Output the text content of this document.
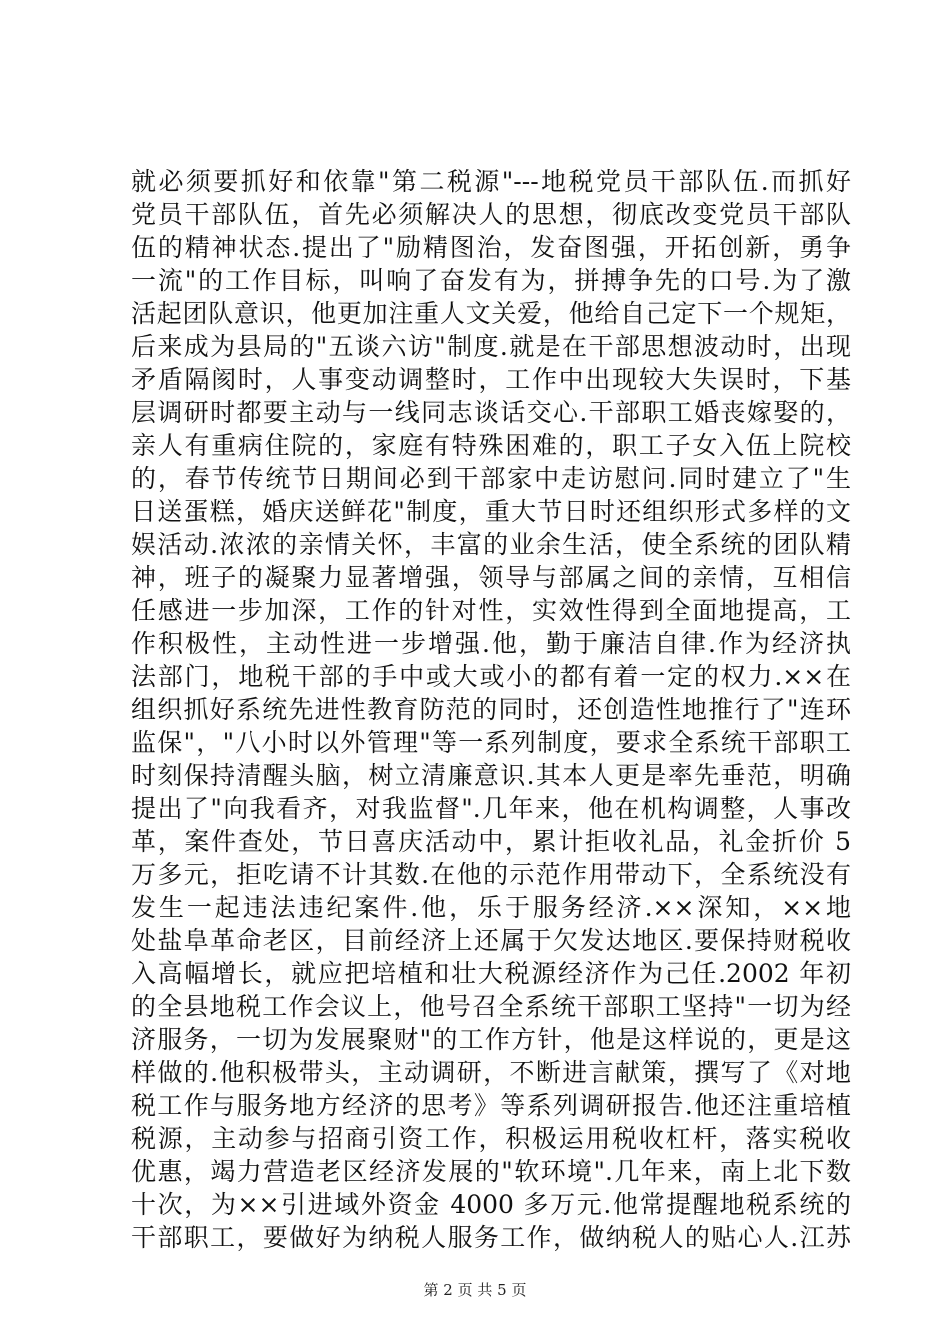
就必须要抓好和依靠"第二税源"---地税党员干部队伍.而抓好
党员干部队伍，首先必须解决人的思想，彻底改变党员干部队
伍的精神状态.提出了"励精图治，发奋图强，开拓创新，勇争
一流"的工作目标，叫响了奋发有为，拼搏争先的口号.为了激
活起团队意识，他更加注重人文关爱，他给自己定下一个规矩，
后来成为县局的"五谈六访"制度.就是在干部思想波动时，出现
矛盾隔阂时，人事变动调整时，工作中出现较大失误时，下基
层调研时都要主动与一线同志谈话交心.干部职工婚丧嫁娶的，
亲人有重病住院的，家庭有特殊困难的，职工子女入伍上院校
的，春节传统节日期间必到干部家中走访慰问.同时建立了"生
日送蛋糕，婚庆送鲜花"制度，重大节日时还组织形式多样的文
娱活动.浓浓的亲情关怀，丰富的业余生活，使全系统的团队精
神，班子的凝聚力显著增强，领导与部属之间的亲情，互相信
任感进一步加深，工作的针对性，实效性得到全面地提高，工
作积极性，主动性进一步增强.他，勤于廉洁自律.作为经济执
法部门，地税干部的手中或大或小的都有着一定的权力.××在
组织抓好系统先进性教育防范的同时，还创造性地推行了"连环
监保"，"八小时以外管理"等一系列制度，要求全系统干部职工
时刻保持清醒头脑，树立清廉意识.其本人更是率先垂范，明确
提出了"向我看齐，对我监督".几年来，他在机构调整，人事改
革，案件查处，节日喜庆活动中，累计拒收礼品，礼金折价 5
万多元，拒吃请不计其数.在他的示范作用带动下，全系统没有
发生一起违法违纪案件.他，乐于服务经济.××深知，××地
处盐阜革命老区，目前经济上还属于欠发达地区.要保持财税收
入高幅增长，就应把培植和壮大税源经济作为己任.2002 年初
的全县地税工作会议上，他号召全系统干部职工坚持"一切为经
济服务，一切为发展聚财"的工作方针，他是这样说的，更是这
样做的.他积极带头，主动调研，不断进言献策，撰写了《对地
税工作与服务地方经济的思考》等系列调研报告.他还注重培植
税源，主动参与招商引资工作，积极运用税收杠杆，落实税收
优惠，竭力营造老区经济发展的"软环境".几年来，南上北下数
十次，为××引进域外资金 4000 多万元.他常提醒地税系统的
干部职工，要做好为纳税人服务工作，做纳税人的贴心人.江苏
第 2 页 共 5 页
